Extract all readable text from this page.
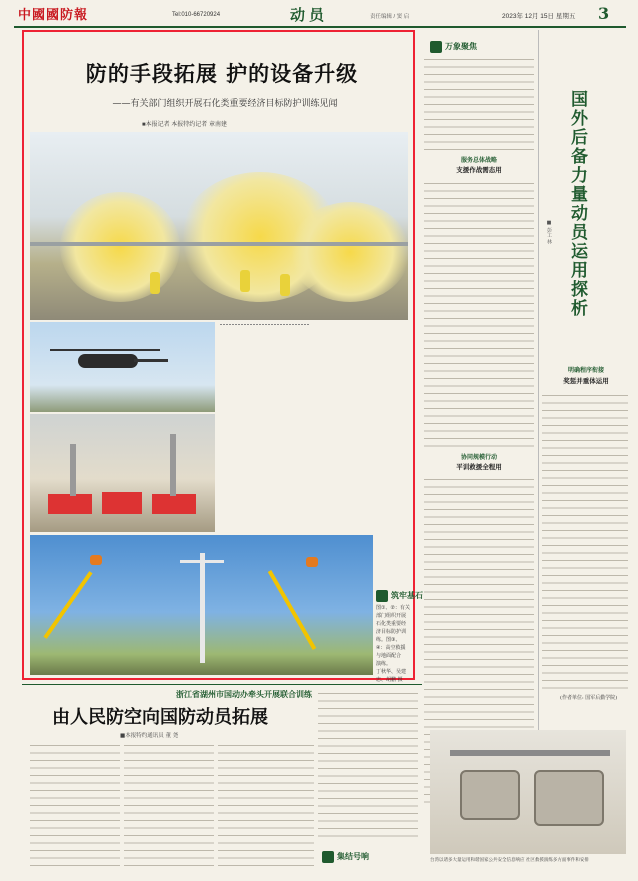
中國國防報	Tel:010-66720924	动员	责任编辑 / 窦 启	2023年 12月 15日 星期五 3
防的手段拓展 护的设备升级
——有关部门组织开展石化类重要经济目标防护训练见闻
■本报记者 本报特约记者 章南建
筑牢基石
图①、②：有关
部门组织开展
石化类重要经
济目标防护训
练。图③、
④：高空救援
与地面配合
演练。
丁秋华、吴建
忠、胡鹏 摄
万象聚焦
服务总体战略
支援作战需态用
协同规模行动
平训救援全程用
国外后备力量动员运用探析
■ 彭工 林
明确程序衔接
奖惩并重体运用
(作者单位: 国军后勤学院)
浙江省湖州市国动办牵头开展联合训练
由人民防空向国防动员拓展
■本报特约通讯员 董 尧
集结号响	台湾以诸多大量运用和谐国家公共安全信息响应 社区救援演练多方面事件和安排
